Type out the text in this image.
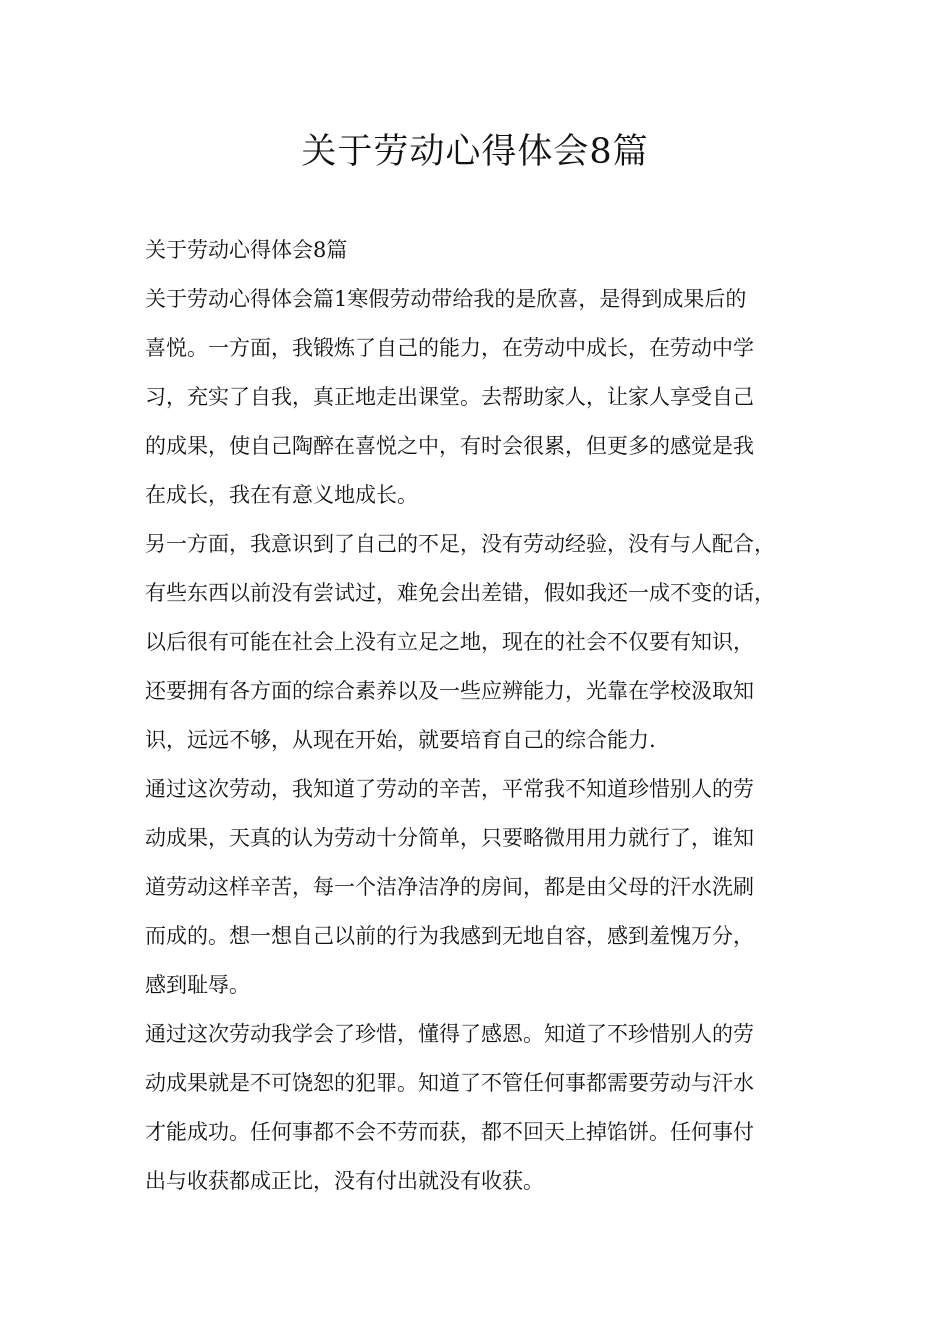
关于劳动心得体会8篇

关于劳动心得体会8篇

关于劳动心得体会篇1寒假劳动带给我的是欣喜，是得到成果后的

喜悦。一方面，我锻炼了自己的能力，在劳动中成长，在劳动中学

习，充实了自我，真正地走出课堂。去帮助家人，让家人享受自己

的成果，使自己陶醉在喜悦之中，有时会很累，但更多的感觉是我

在成长，我在有意义地成长。

另一方面，我意识到了自己的不足，没有劳动经验，没有与人配合，

有些东西以前没有尝试过，难免会出差错，假如我还一成不变的话，

以后很有可能在社会上没有立足之地，现在的社会不仅要有知识，

还要拥有各方面的综合素养以及一些应辨能力，光靠在学校汲取知

识，远远不够，从现在开始，就要培育自己的综合能力.

通过这次劳动，我知道了劳动的辛苦，平常我不知道珍惜别人的劳

动成果，天真的认为劳动十分简单，只要略微用用力就行了，谁知

道劳动这样辛苦，每一个洁净洁净的房间，都是由父母的汗水洗刷

而成的。想一想自己以前的行为我感到无地自容，感到羞愧万分，

感到耻辱。

通过这次劳动我学会了珍惜，懂得了感恩。知道了不珍惜别人的劳

动成果就是不可饶恕的犯罪。知道了不管任何事都需要劳动与汗水

才能成功。任何事都不会不劳而获，都不回天上掉馅饼。任何事付

出与收获都成正比，没有付出就没有收获。
